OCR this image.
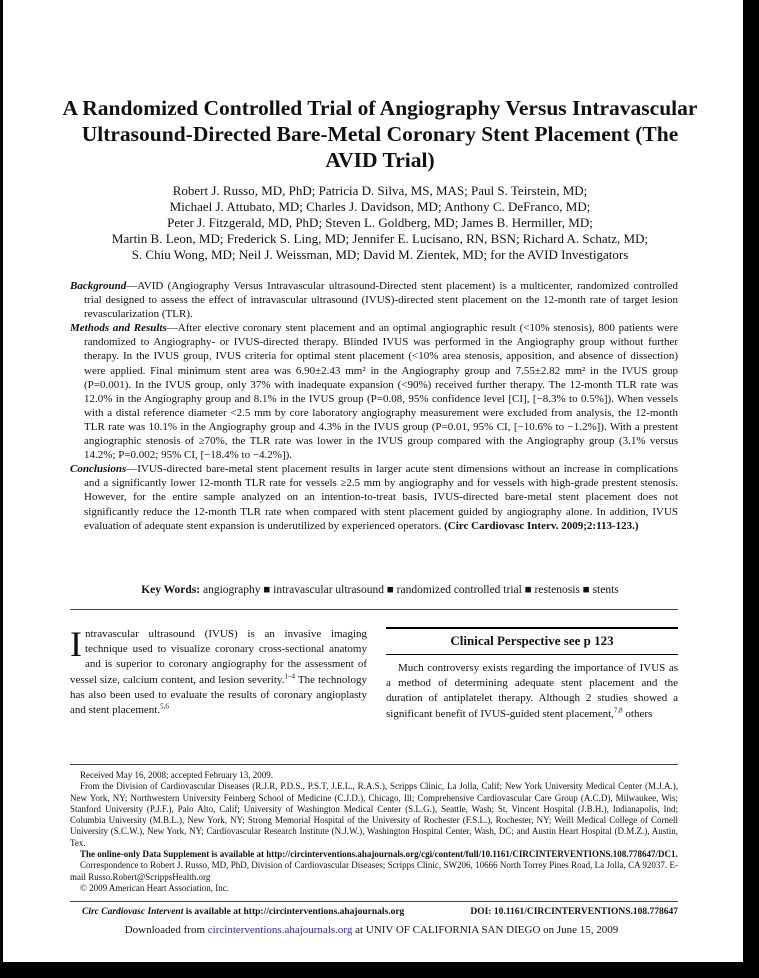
A Randomized Controlled Trial of Angiography Versus Intravascular Ultrasound-Directed Bare-Metal Coronary Stent Placement (The AVID Trial)
Robert J. Russo, MD, PhD; Patricia D. Silva, MS, MAS; Paul S. Teirstein, MD;
Michael J. Attubato, MD; Charles J. Davidson, MD; Anthony C. DeFranco, MD;
Peter J. Fitzgerald, MD, PhD; Steven L. Goldberg, MD; James B. Hermiller, MD;
Martin B. Leon, MD; Frederick S. Ling, MD; Jennifer E. Lucisano, RN, BSN; Richard A. Schatz, MD;
S. Chiu Wong, MD; Neil J. Weissman, MD; David M. Zientek, MD; for the AVID Investigators

Background—AVID (Angiography Versus Intravascular ultrasound-Directed stent placement) is a multicenter, randomized controlled trial designed to assess the effect of intravascular ultrasound (IVUS)-directed stent placement on the 12-month rate of target lesion revascularization (TLR).

Methods and Results—After elective coronary stent placement and an optimal angiographic result (<10% stenosis), 800 patients were randomized to Angiography- or IVUS-directed therapy. Blinded IVUS was performed in the Angiography group without further therapy. In the IVUS group, IVUS criteria for optimal stent placement (<10% area stenosis, apposition, and absence of dissection) were applied. Final minimum stent area was 6.90±2.43 mm² in the Angiography group and 7.55±2.82 mm² in the IVUS group (P=0.001). In the IVUS group, only 37% with inadequate expansion (<90%) received further therapy. The 12-month TLR rate was 12.0% in the Angiography group and 8.1% in the IVUS group (P=0.08, 95% confidence level [CI], [−8.3% to 0.5%]). When vessels with a distal reference diameter <2.5 mm by core laboratory angiography measurement were excluded from analysis, the 12-month TLR rate was 10.1% in the Angiography group and 4.3% in the IVUS group (P=0.01, 95% CI, [−10.6% to −1.2%]). With a prestent angiographic stenosis of ≥70%, the TLR rate was lower in the IVUS group compared with the Angiography group (3.1% versus 14.2%; P=0.002; 95% CI, [−18.4% to −4.2%]).

Conclusions—IVUS-directed bare-metal stent placement results in larger acute stent dimensions without an increase in complications and a significantly lower 12-month TLR rate for vessels ≥2.5 mm by angiography and for vessels with high-grade prestent stenosis. However, for the entire sample analyzed on an intention-to-treat basis, IVUS-directed bare-metal stent placement does not significantly reduce the 12-month TLR rate when compared with stent placement guided by angiography alone. In addition, IVUS evaluation of adequate stent expansion is underutilized by experienced operators. (Circ Cardiovasc Interv. 2009;2:113-123.)

Key Words: angiography ■ intravascular ultrasound ■ randomized controlled trial ■ restenosis ■ stents
Intravascular ultrasound (IVUS) is an invasive imaging technique used to visualize coronary cross-sectional anatomy and is superior to coronary angiography for the assessment of vessel size, calcium content, and lesion severity.$^{1-4}$ The technology has also been used to evaluate the results of coronary angioplasty and stent placement.$^{5,6}$
Clinical Perspective see p 123
Much controversy exists regarding the importance of IVUS as a method of determining adequate stent placement and the duration of antiplatelet therapy. Although 2 studies showed a significant benefit of IVUS-guided stent placement,$^{7,8}$ others

Received May 16, 2008; accepted February 13, 2009.

From the Division of Cardiovascular Diseases (R.J.R, P.D.S., P.S.T, J.E.L., R.A.S.), Scripps Clinic, La Jolla, Calif; New York University Medical Center (M.J.A.), New York, NY; Northwestern University Feinberg School of Medicine (C.J.D.), Chicago, Ill; Comprehensive Cardiovascular Care Group (A.C.D), Milwaukee, Wis; Stanford University (P.J.F.), Palo Alto, Calif; University of Washington Medical Center (S.L.G.), Seattle, Wash; St. Vincent Hospital (J.B.H.), Indianapolis, Ind; Columbia University (M.B.L.), New York, NY; Strong Memorial Hospital of the University of Rochester (F.S.L.), Rochester, NY; Weill Medical College of Cornell University (S.C.W.), New York, NY; Cardiovascular Research Institute (N.J.W.), Washington Hospital Center, Wash, DC; and Austin Heart Hospital (D.M.Z.), Austin, Tex.

The online-only Data Supplement is available at http://circinterventions.ahajournals.org/cgi/content/full/10.1161/CIRCINTERVENTIONS.108.778647/DC1.

Correspondence to Robert J. Russo, MD, PhD, Division of Cardiovascular Diseases; Scripps Clinic, SW206, 10666 North Torrey Pines Road, La Jolla, CA 92037. E-mail Russo.Robert@ScrippsHealth.org

© 2009 American Heart Association, Inc.

Circ Cardiovasc Intervent is available at http://circinterventions.ahajournals.org	DOI: 10.1161/CIRCINTERVENTIONS.108.778647
Downloaded from circinterventions.ahajournals.org at UNIV OF CALIFORNIA SAN DIEGO on June 15, 2009
